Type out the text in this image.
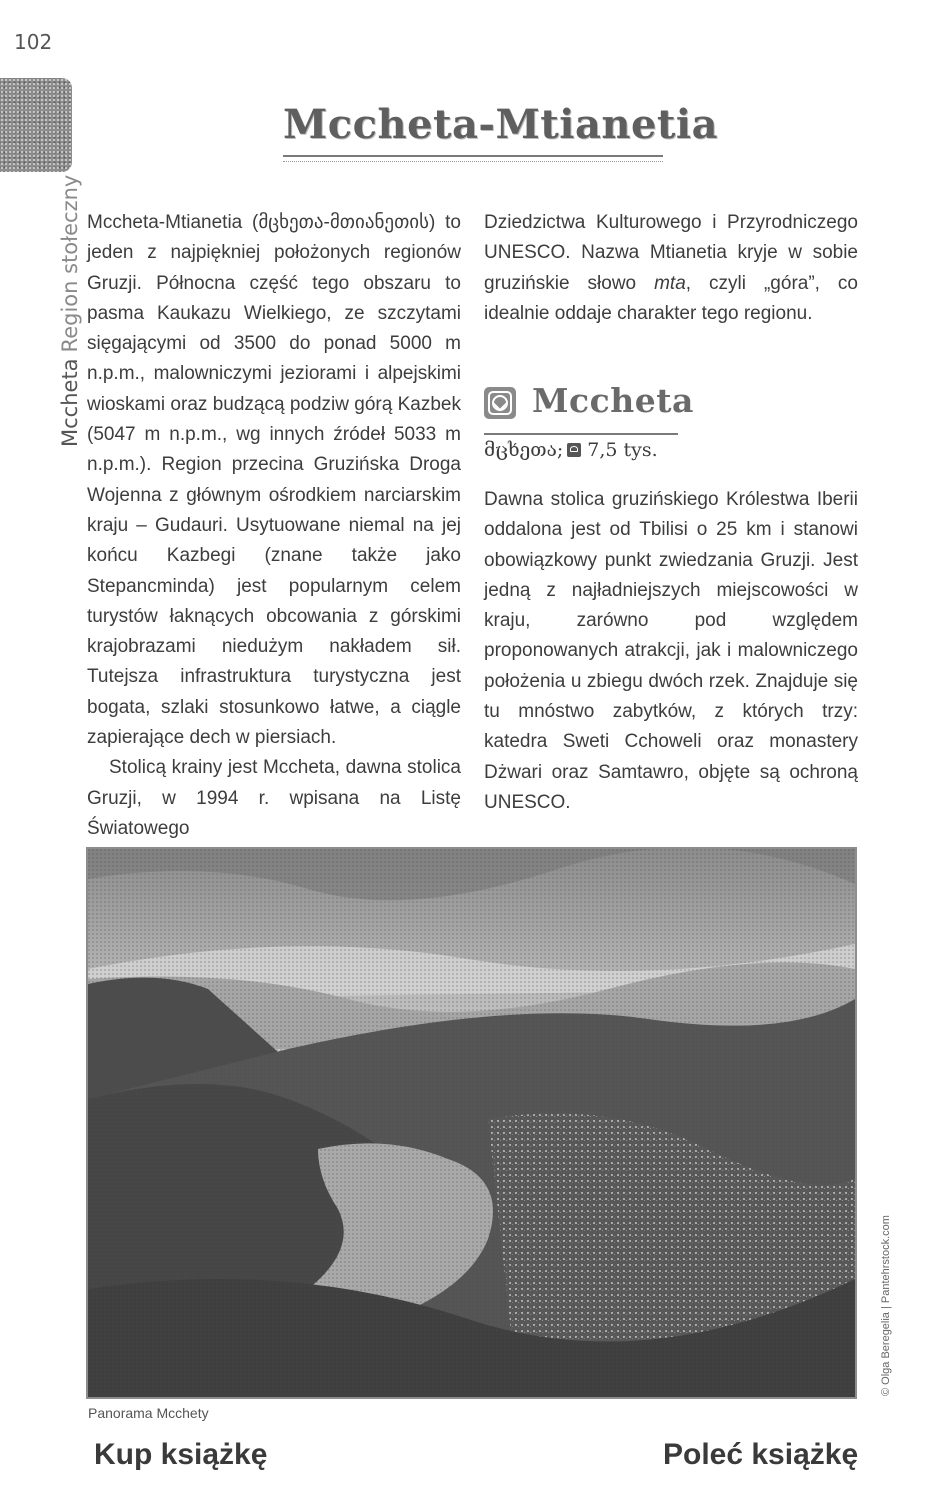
102
McchetaRegion stołeczny
Mccheta-Mtianetia

Mccheta-Mtianetia (მცხეთა-მთიანეთის) to jeden z najpiękniej położonych regionów Gruzji. Północna część tego obszaru to pasma Kaukazu Wielkiego, ze szczytami sięgającymi od 3500 do ponad 5000 m n.p.m., malowniczymi jeziorami i alpejskimi wioskami oraz budzącą podziw górą Kazbek (5047 m n.p.m., wg innych źródeł 5033 m n.p.m.). Region przecina Gruzińska Droga Wojenna z głównym ośrodkiem narciarskim kraju – Gudauri. Usytuowane niemal na jej końcu Kazbegi (znane także jako Stepancminda) jest popularnym celem turystów łaknących obcowania z górskimi krajobrazami niedużym nakładem sił. Tutejsza infrastruktura turystyczna jest bogata, szlaki stosunkowo łatwe, a ciągle zapierające dech w piersiach.

Stolicą krainy jest Mccheta, dawna stolica Gruzji, w 1994 r. wpisana na Listę Światowego

Dziedzictwa Kulturowego i Przyrodniczego UNESCO. Nazwa Mtianetia kryje w sobie gruzińskie słowo mta, czyli „góra”, co idealnie oddaje charakter tego regionu.

Mccheta
მცხეთა; 7,5 tys.

Dawna stolica gruzińskiego Królestwa Iberii oddalona jest od Tbilisi o 25 km i stanowi obowiązkowy punkt zwiedzania Gruzji. Jest jedną z najładniejszych miejscowości w kraju, zarówno pod względem proponowanych atrakcji, jak i malowniczego położenia u zbiegu dwóch rzek. Znajduje się tu mnóstwo zabytków, z których trzy: katedra Sweti Cchoweli oraz monastery Dżwari oraz Samtawro, objęte są ochroną UNESCO.

© Olga Beregelia | Pantehrstock.com
Panorama Mcchety
Kup książkę	Poleć książkę
